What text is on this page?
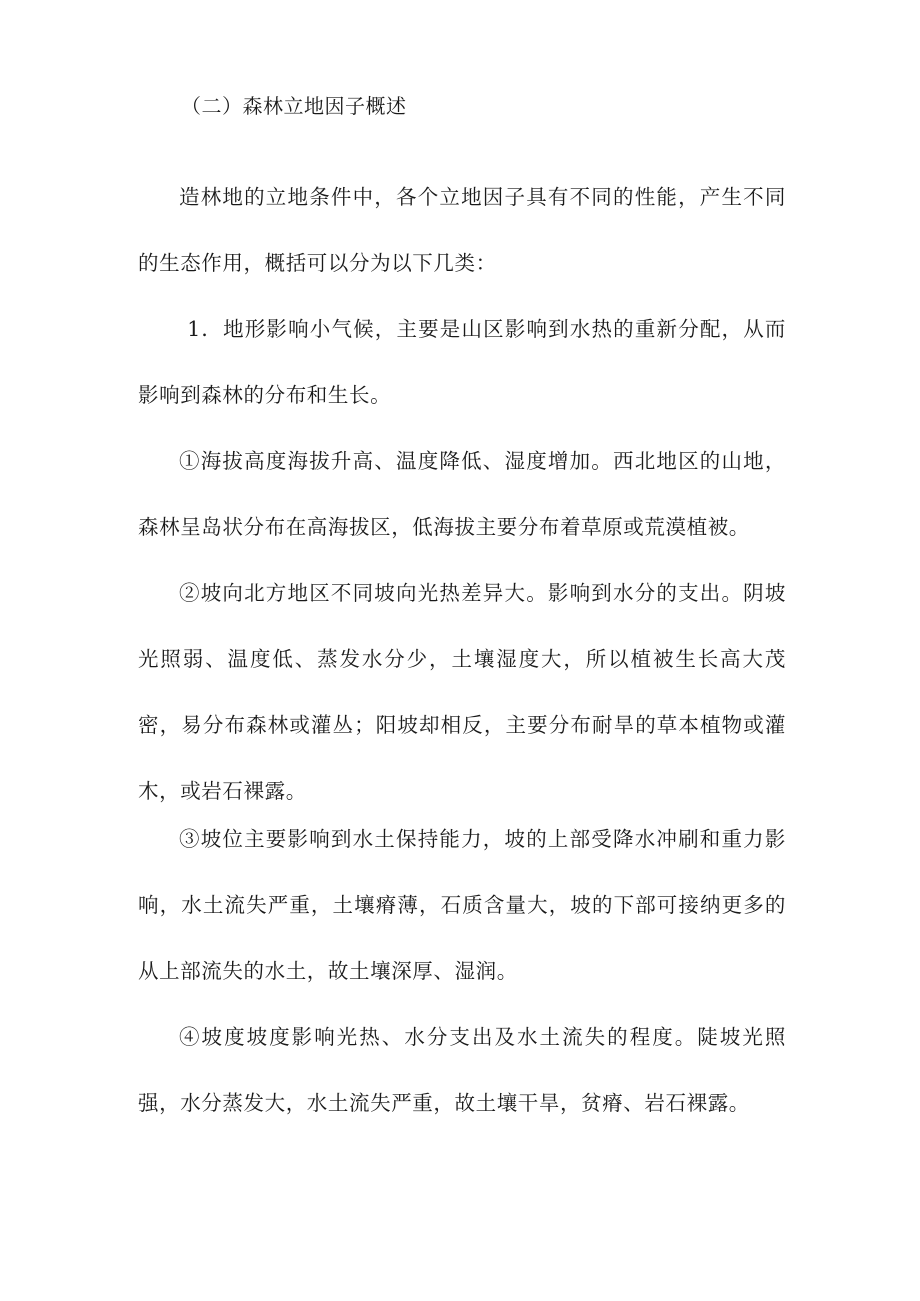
（二）森林立地因子概述

造林地的立地条件中，各个立地因子具有不同的性能，产生不同的生态作用，概括可以分为以下几类：

1．地形影响小气候，主要是山区影响到水热的重新分配，从而影响到森林的分布和生长。

①海拔高度海拔升高、温度降低、湿度增加。西北地区的山地，森林呈岛状分布在高海拔区，低海拔主要分布着草原或荒漠植被。

②坡向北方地区不同坡向光热差异大。影响到水分的支出。阴坡光照弱、温度低、蒸发水分少，土壤湿度大，所以植被生长高大茂密，易分布森林或灌丛；阳坡却相反，主要分布耐旱的草本植物或灌木，或岩石裸露。

③坡位主要影响到水土保持能力，坡的上部受降水冲刷和重力影响，水土流失严重，土壤瘠薄，石质含量大，坡的下部可接纳更多的从上部流失的水土，故土壤深厚、湿润。

④坡度坡度影响光热、水分支出及水土流失的程度。陡坡光照强，水分蒸发大，水土流失严重，故土壤干旱，贫瘠、岩石裸露。
